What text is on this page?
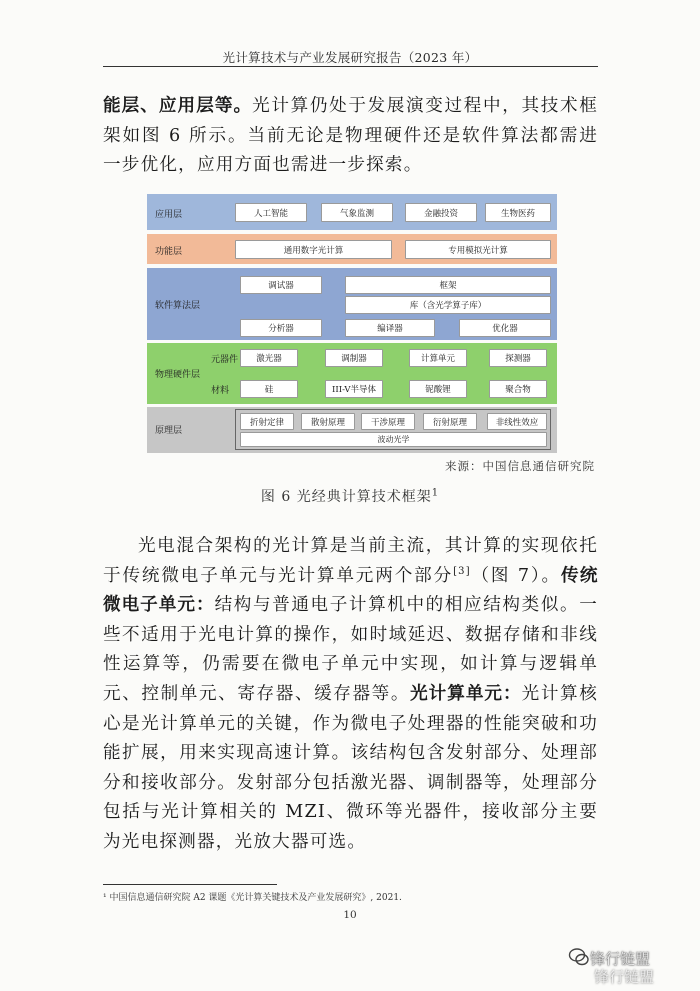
光计算技术与产业发展研究报告（2023 年）

能层、应用层等。光计算仍处于发展演变过程中，其技术框架如图 6 所示。当前无论是物理硬件还是软件算法都需进一步优化，应用方面也需进一步探索。

应用层	人工智能	气象监测	金融投资	生物医药
功能层	通用数字光计算	专用模拟光计算
软件算法层
调试器	框架
库（含光学算子库）
分析器	编译器	优化器
物理硬件层
元器件
材料
激光器	调制器	计算单元	探测器
硅	III-V半导体	铌酸锂	聚合物
原理层
折射定律	散射原理	干涉原理	衍射原理	非线性效应
波动光学
来源：中国信息通信研究院
图 6 光经典计算技术框架$^1$

光电混合架构的光计算是当前主流，其计算的实现依托于传统微电子单元与光计算单元两个部分[3]（图 7）。传统微电子单元：结构与普通电子计算机中的相应结构类似。一些不适用于光电计算的操作，如时域延迟、数据存储和非线性运算等，仍需要在微电子单元中实现，如计算与逻辑单元、控制单元、寄存器、缓存器等。光计算单元：光计算核心是光计算单元的关键，作为微电子处理器的性能突破和功能扩展，用来实现高速计算。该结构包含发射部分、处理部分和接收部分。发射部分包括激光器、调制器等，处理部分包括与光计算相关的 MZI、微环等光器件，接收部分主要为光电探测器，光放大器可选。

¹ 中国信息通信研究院 A2 课题《光计算关键技术及产业发展研究》, 2021.
10
锋行链盟
锋行链盟
